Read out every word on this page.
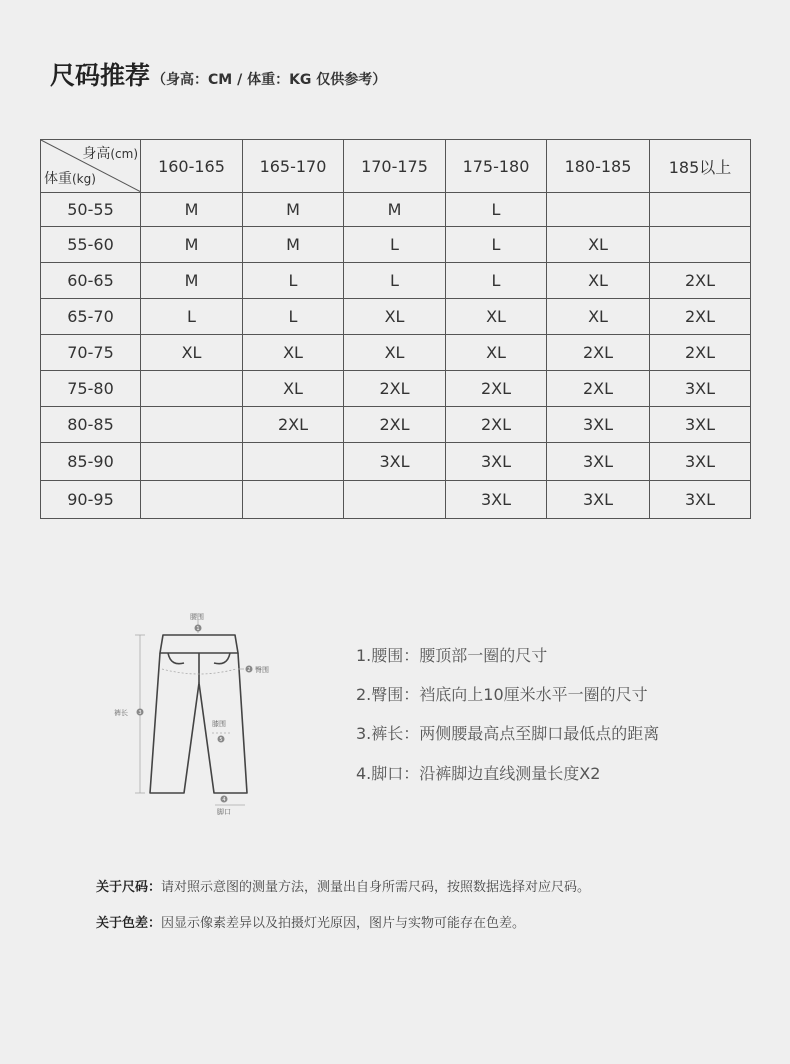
尺码推荐 （身高：CM / 体重：KG 仅供参考）
身高(cm)
体重(kg)	160-165	165-170	170-175	175-180	180-185	185以上
50-55	M	M	M	L		
55-60	M	M	L	L	XL	
60-65	M	L	L	L	XL	2XL
65-70	L	L	XL	XL	XL	2XL
70-75	XL	XL	XL	XL	2XL	2XL
75-80		XL	2XL	2XL	2XL	3XL
80-85		2XL	2XL	2XL	3XL	3XL
85-90			3XL	3XL	3XL	3XL
90-95				3XL	3XL	3XL
1
2
3
5
4
腰围
臀围
裤长
膝围
脚口
1.腰围：腰顶部一圈的尺寸
2.臀围：裆底向上10厘米水平一圈的尺寸
3.裤长：两侧腰最高点至脚口最低点的距离
4.脚口：沿裤脚边直线测量长度X2
关于尺码：请对照示意图的测量方法，测量出自身所需尺码，按照数据选择对应尺码。
关于色差：因显示像素差异以及拍摄灯光原因，图片与实物可能存在色差。
